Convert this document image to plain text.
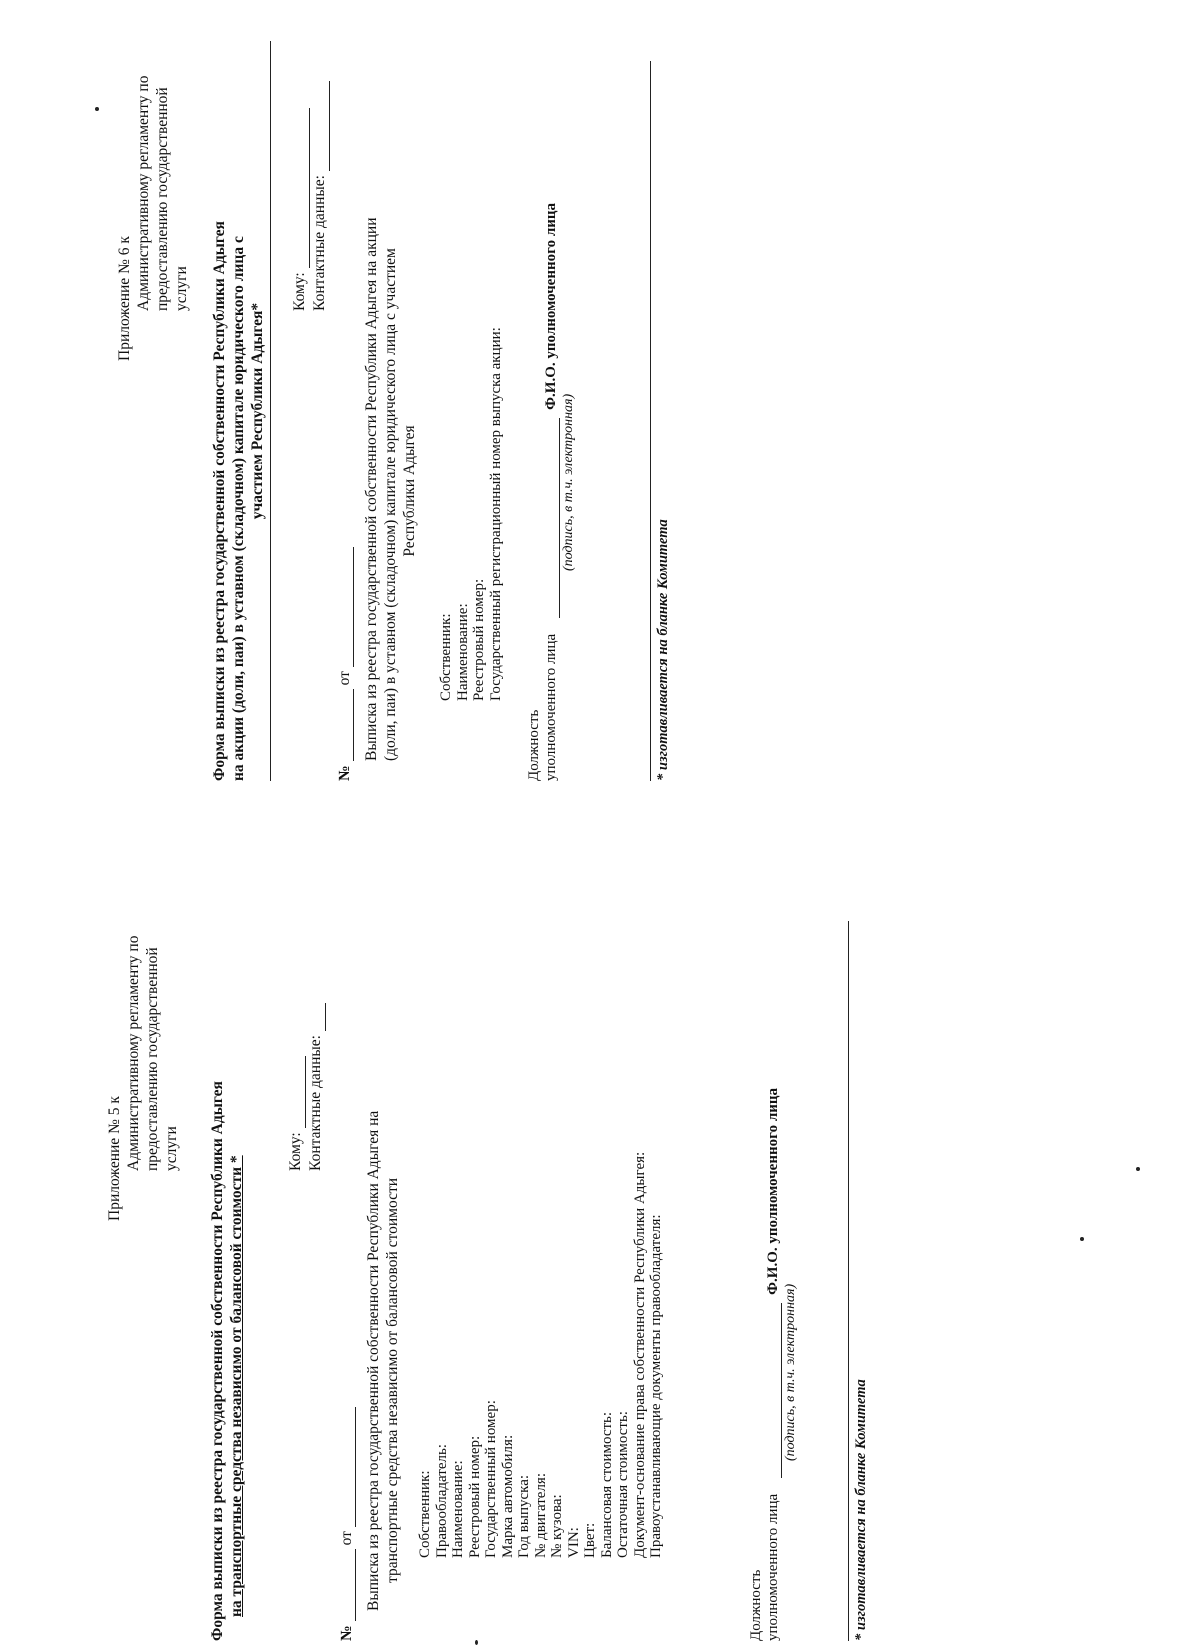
Приложение № 5 к Административному регламенту по предоставлению государственной услуги Форма выписки из реестра государственной собственности Республики Адыгея на транспортные средства независимо от балансовой стоимости *
Кому: Контактные данные:
№
от Выписка из реестра государственной собственности Республики Адыгея на транспортные средства независимо от балансовой стоимости Собственник: Правообладатель: Наименование: Реестровый номер: Государственный номер: Марка автомобиля: Год выпуска: № двигателя: № кузова: VIN: Цвет: Балансовая стоимость: Остаточная стоимость: Документ-основание права собственности Республики Адыгея: Правоустанавливающие документы правообладателя:
Должность уполномоченного лица
Ф.И.О. уполномоченного лица
(подпись, в т.ч. электронная)
* изготавливается на бланке Комитета
Приложение № 6 к Административному регламенту по предоставлению государственной услуги Форма выписки из реестра государственной собственности Республики Адыгея на акции (доли, паи) в уставном (складочном) капитале юридического лица с участием Республики Адыгея*
Кому: Контактные данные:
№
от Выписка из реестра государственной собственности Республики Адыгея на акции (доли, паи) в уставном (складочном) капитале юридического лица с участием Республики Адыгея
Собственник: Наименование: Реестровый номер: Государственный регистрационный номер выпуска акции:
Должность уполномоченного лица
Ф.И.О. уполномоченного лица
(подпись, в т.ч. электронная)
* изготавливается на бланке Комитета
